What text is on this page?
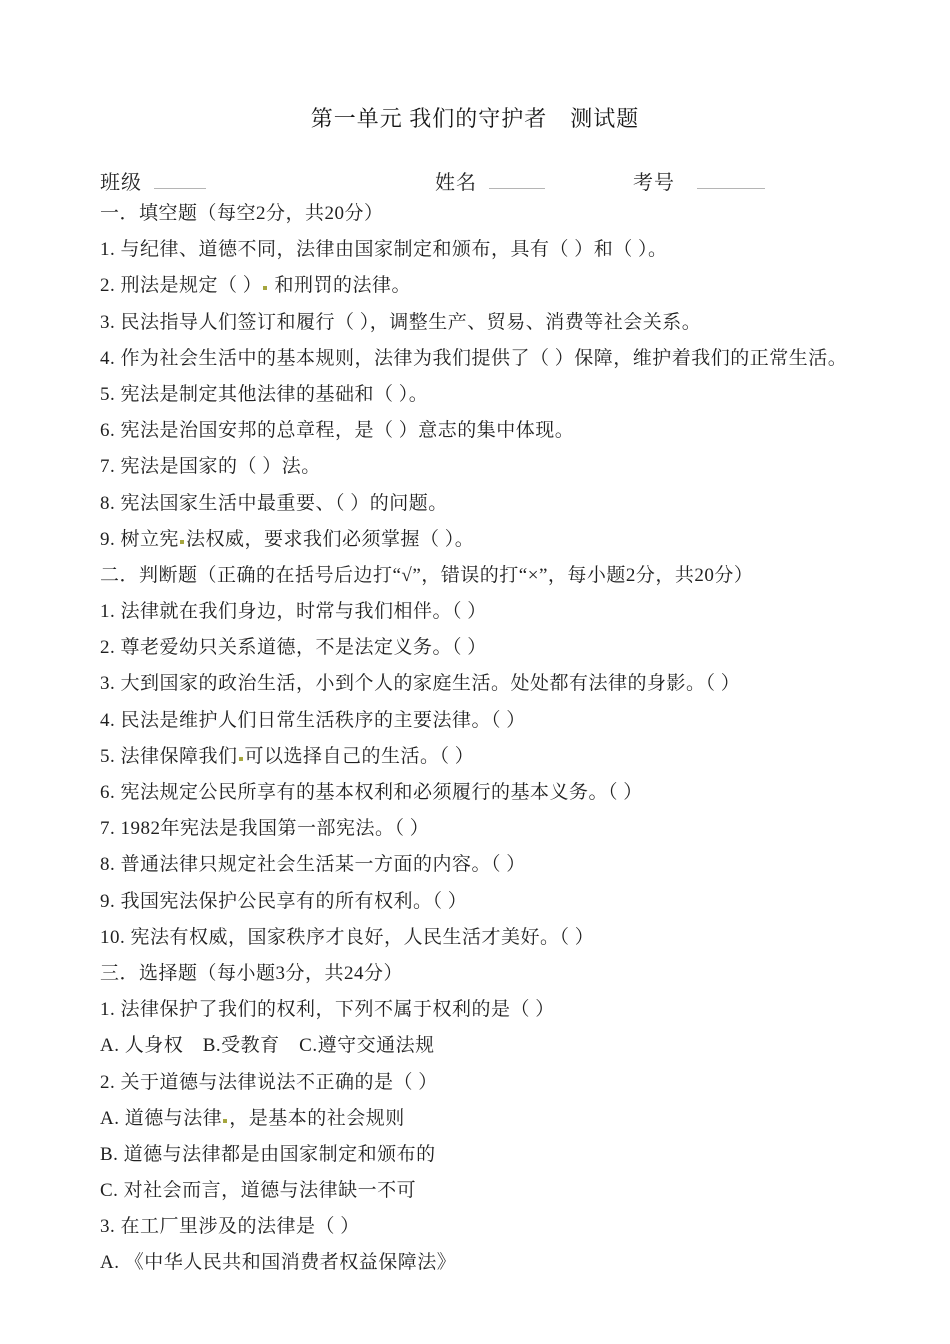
第一单元 我们的守护者　测试题
班级	姓名	考号

一．填空题（每空2分，共20分）

1. 与纪律、道德不同，法律由国家制定和颁布，具有（ ）和（ ）。

2. 刑法是规定（ ） 和刑罚的法律。

3. 民法指导人们签订和履行（ ），调整生产、贸易、消费等社会关系。

4. 作为社会生活中的基本规则，法律为我们提供了（ ）保障，维护着我们的正常生活。

5. 宪法是制定其他法律的基础和（ ）。

6. 宪法是治国安邦的总章程，是（ ）意志的集中体现。

7. 宪法是国家的（ ）法。

8. 宪法国家生活中最重要、（ ）的问题。

9. 树立宪 法权威，要求我们必须掌握（ ）。

二．判断题（正确的在括号后边打“√”，错误的打“×”，每小题2分，共20分）

1. 法律就在我们身边，时常与我们相伴。（ ）

2. 尊老爱幼只关系道德，不是法定义务。（ ）

3. 大到国家的政治生活，小到个人的家庭生活。处处都有法律的身影。（ ）

4. 民法是维护人们日常生活秩序的主要法律。（ ）

5. 法律保障我们 可以选择自己的生活。（ ）

6. 宪法规定公民所享有的基本权利和必须履行的基本义务。（ ）

7. 1982年宪法是我国第一部宪法。（ ）

8. 普通法律只规定社会生活某一方面的内容。（ ）

9. 我国宪法保护公民享有的所有权利。（ ）

10. 宪法有权威，国家秩序才良好，人民生活才美好。（ ）

三．选择题（每小题3分，共24分）

1. 法律保护了我们的权利，下列不属于权利的是（ ）

A. 人身权　B.受教育　C.遵守交通法规

2. 关于道德与法律说法不正确的是（ ）

A. 道德与法律 ，是基本的社会规则

B. 道德与法律都是由国家制定和颁布的

C. 对社会而言，道德与法律缺一不可

3. 在工厂里涉及的法律是（ ）

A. 《中华人民共和国消费者权益保障法》
